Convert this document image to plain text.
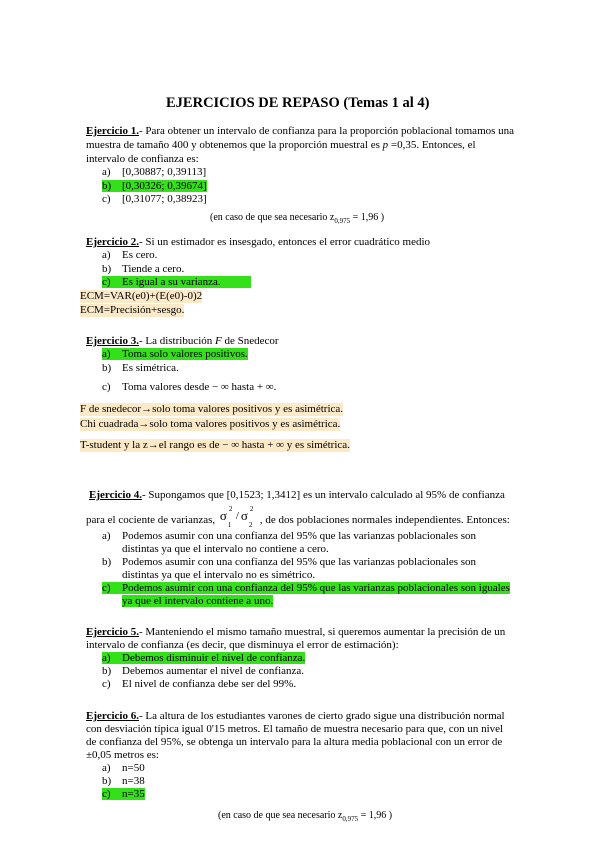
EJERCICIOS DE REPASO (Temas 1 al 4)
Ejercicio 1.- Para obtener un intervalo de confianza para la proporción poblacional tomamos una
muestra de tamaño 400 y obtenemos que la proporción muestral es p =0,35. Entonces, el
intervalo de confianza es:
a) [0,30887; 0,39113]
b) [0,30326; 0,39674]
c) [0,31077; 0,38923]
(en caso de que sea necesario $z_{0,975} = 1,96$ )
Ejercicio 2.- Si un estimador es insesgado, entonces el error cuadrático medio
a) Es cero.
b) Tiende a cero.
c) Es igual a su varianza.
ECM=VAR(e0)+(E(e0)-0)2
ECM=Precisión+sesgo.
Ejercicio 3.- La distribución F de Snedecor
a) Toma solo valores positivos.
b) Es simétrica.
c) Toma valores desde − ∞ hasta + ∞.
F de snedecor→solo toma valores positivos y es asimétrica.
Chi cuadrada→solo toma valores positivos y es asimétrica.
T-student y la z→el rango es de − ∞ hasta + ∞ y es simétrica.
Ejercicio 4.- Supongamos que [0,1523; 1,3412] es un intervalo calculado al 95% de confianza
para el cociente de varianzas, σ 2
1
/ σ 2
2 , de dos poblaciones normales independientes. Entonces:
a) Podemos asumir con una confianza del 95% que las varianzas poblacionales son
distintas ya que el intervalo no contiene a cero.
b) Podemos asumir con una confianza del 95% que las varianzas poblacionales son
distintas ya que el intervalo no es simétrico.
c) Podemos asumir con una confianza del 95% que las varianzas poblacionales son iguales
ya que el intervalo contiene a uno.
Ejercicio 5.- Manteniendo el mismo tamaño muestral, si queremos aumentar la precisión de un
intervalo de confianza (es decir, que disminuya el error de estimación):
a) Debemos disminuir el nivel de confianza.
b) Debemos aumentar el nivel de confianza.
c) El nivel de confianza debe ser del 99%.
Ejercicio 6.- La altura de los estudiantes varones de cierto grado sigue una distribución normal
con desviación típica igual 0'15 metros. El tamaño de muestra necesario para que, con un nivel
de confianza del 95%, se obtenga un intervalo para la altura media poblacional con un error de
±0,05 metros es:
a) n=50
b) n=38
c) n=35
(en caso de que sea necesario $z_{0,975} = 1,96$ )
